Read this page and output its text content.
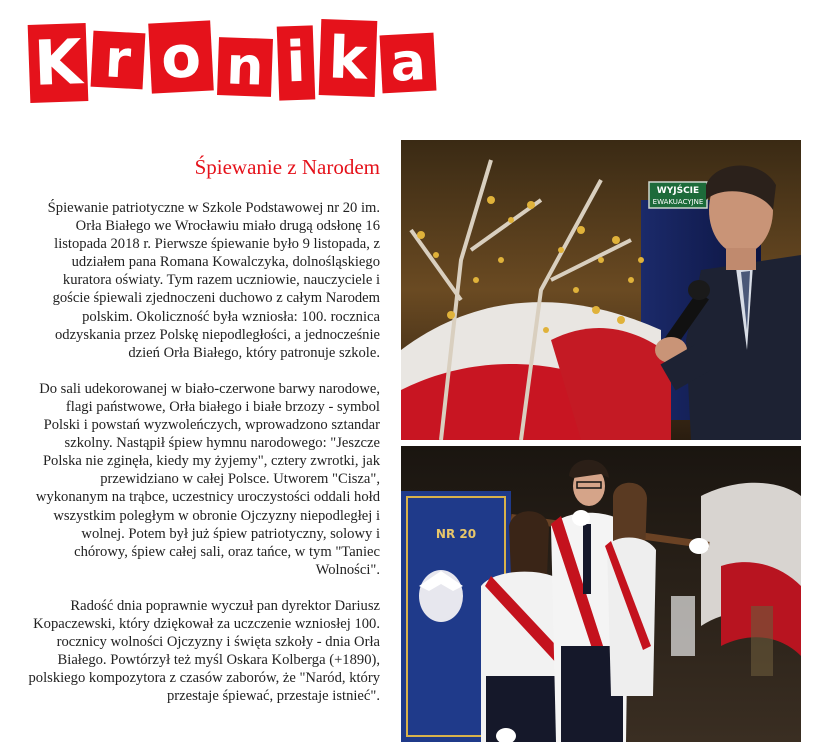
K r o n i k a
Śpiewanie z Narodem

Śpiewanie patriotyczne w Szkole Podstawowej nr 20 im. Orła Białego we Wrocławiu miało drugą odsłonę 16 listopada 2018 r. Pierwsze śpiewanie było 9 listopada, z udziałem pana Romana Kowalczyka, dolnośląskiego kuratora oświaty. Tym razem uczniowie, nauczyciele i goście śpiewali zjednoczeni duchowo z całym Narodem polskim. Okoliczność była wzniosła: 100. rocznica odzyskania przez Polskę niepodległości, a jednocześnie dzień Orła Białego, który patronuje szkole.

Do sali udekorowanej w biało-czerwone barwy narodowe, flagi państwowe, Orła białego i białe brzozy - symbol Polski i powstań wyzwoleńczych, wprowadzono sztandar szkolny. Nastąpił śpiew hymnu narodowego: "Jeszcze Polska nie zginęła, kiedy my żyjemy", cztery zwrotki, jak przewidziano w całej Polsce. Utworem "Cisza", wykonanym na trąbce, uczestnicy uroczystości oddali hołd wszystkim poległym w obronie Ojczyzny niepodległej i wolnej. Potem był już śpiew patriotyczny, solowy i chórowy, śpiew całej sali, oraz tańce, w tym "Taniec Wolności".

Radość dnia poprawnie wyczuł pan dyrektor Dariusz Kopaczewski, który dziękował za uczczenie wzniosłej 100. rocznicy wolności Ojczyzny i święta szkoły - dnia Orła Białego. Powtórzył też myśl Oskara Kolberga (+1890), polskiego kompozytora z czasów zaborów, że "Naród, który przestaje śpiewać, przestaje istnieć".

WYJŚCIE
EWAKUACYJNE
NR 20
